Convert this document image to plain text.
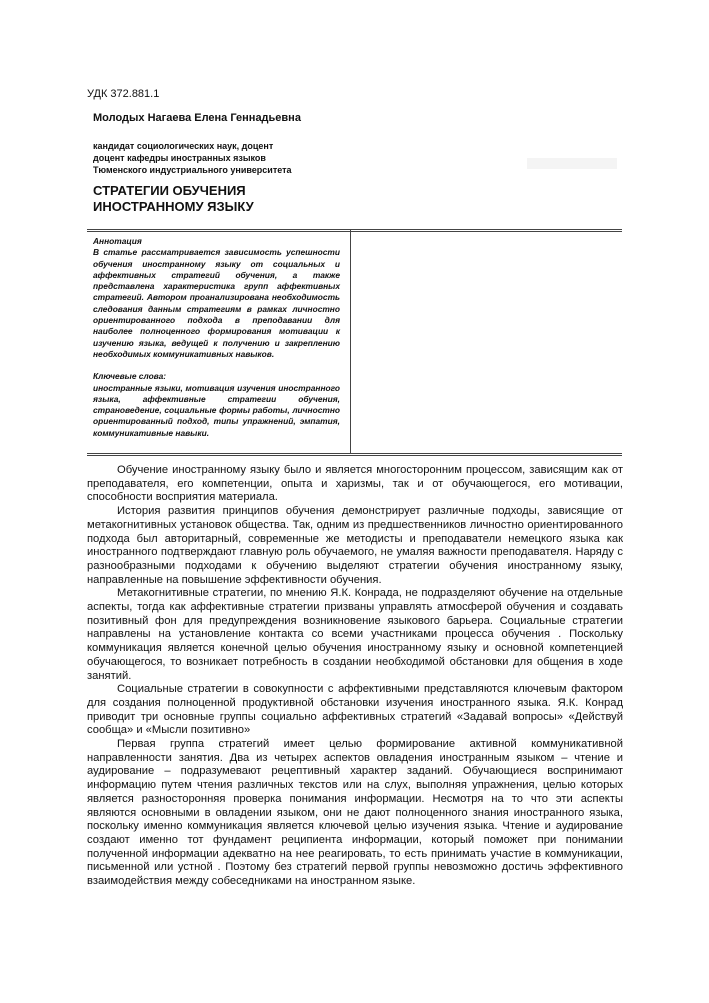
УДК 372.881.1
Молодых Нагаева Елена Геннадьевна
кандидат социологических наук, доцент
доцент кафедры иностранных языков
Тюменского индустриального университета
СТРАТЕГИИ ОБУЧЕНИЯ
ИНОСТРАННОМУ ЯЗЫКУ

Аннотация

В статье рассматривается зависимость успешности обучения иностранному языку от социальных и аффективных стратегий обучения, а также представлена характеристика групп аффективных стратегий. Автором проанализирована необходимость следования данным стратегиям в рамках личностно ориентированного подхода в преподавании для наиболее полноценного формирования мотивации к изучению языка, ведущей к получению и закреплению необходимых коммуникативных навыков.

Ключевые слова:

иностранные языки, мотивация изучения иностранного языка, аффективные стратегии обучения, страноведение, социальные формы работы, личностно ориентированный подход, типы упражнений, эмпатия, коммуникативные навыки.

Обучение иностранному языку было и является многосторонним процессом, зависящим как от преподавателя, его компетенции, опыта и харизмы, так и от обучающегося, его мотивации, способности восприятия материала.

История развития принципов обучения демонстрирует различные подходы, зависящие от метакогнитивных установок общества. Так, одним из предшественников личностно ориентированного подхода был авторитарный, современные же методисты и преподаватели немецкого языка как иностранного подтверждают главную роль обучаемого, не умаляя важности преподавателя. Наряду с разнообразными подходами к обучению выделяют стратегии обучения иностранному языку, направленные на повышение эффективности обучения.

Метакогнитивные стратегии, по мнению Я.К. Конрада, не подразделяют обучение на отдельные аспекты, тогда как аффективные стратегии призваны управлять атмосферой обучения и создавать позитивный фон для предупреждения возникновение языкового барьера. Социальные стратегии направлены на установление контакта со всеми участниками процесса обучения . Поскольку коммуникация является конечной целью обучения иностранному языку и основной компетенцией обучающегося, то возникает потребность в создании необходимой обстановки для общения в ходе занятий.

Социальные стратегии в совокупности с аффективными представляются ключевым фактором для создания полноценной продуктивной обстановки изучения иностранного языка. Я.К. Конрад приводит три основные группы социально аффективных стратегий «Задавай вопросы» «Действуй сообща» и «Мысли позитивно»

Первая группа стратегий имеет целью формирование активной коммуникативной направленности занятия. Два из четырех аспектов овладения иностранным языком – чтение и аудирование – подразумевают рецептивный характер заданий. Обучающиеся воспринимают информацию путем чтения различных текстов или на слух, выполняя упражнения, целью которых является разносторонняя проверка понимания информации. Несмотря на то что эти аспекты являются основными в овладении языком, они не дают полноценного знания иностранного языка, поскольку именно коммуникация является ключевой целью изучения языка. Чтение и аудирование создают именно тот фундамент реципиента информации, который поможет при понимании полученной информации адекватно на нее реагировать, то есть принимать участие в коммуникации, письменной или устной . Поэтому без стратегий первой группы невозможно достичь эффективного взаимодействия между собеседниками на иностранном языке.
